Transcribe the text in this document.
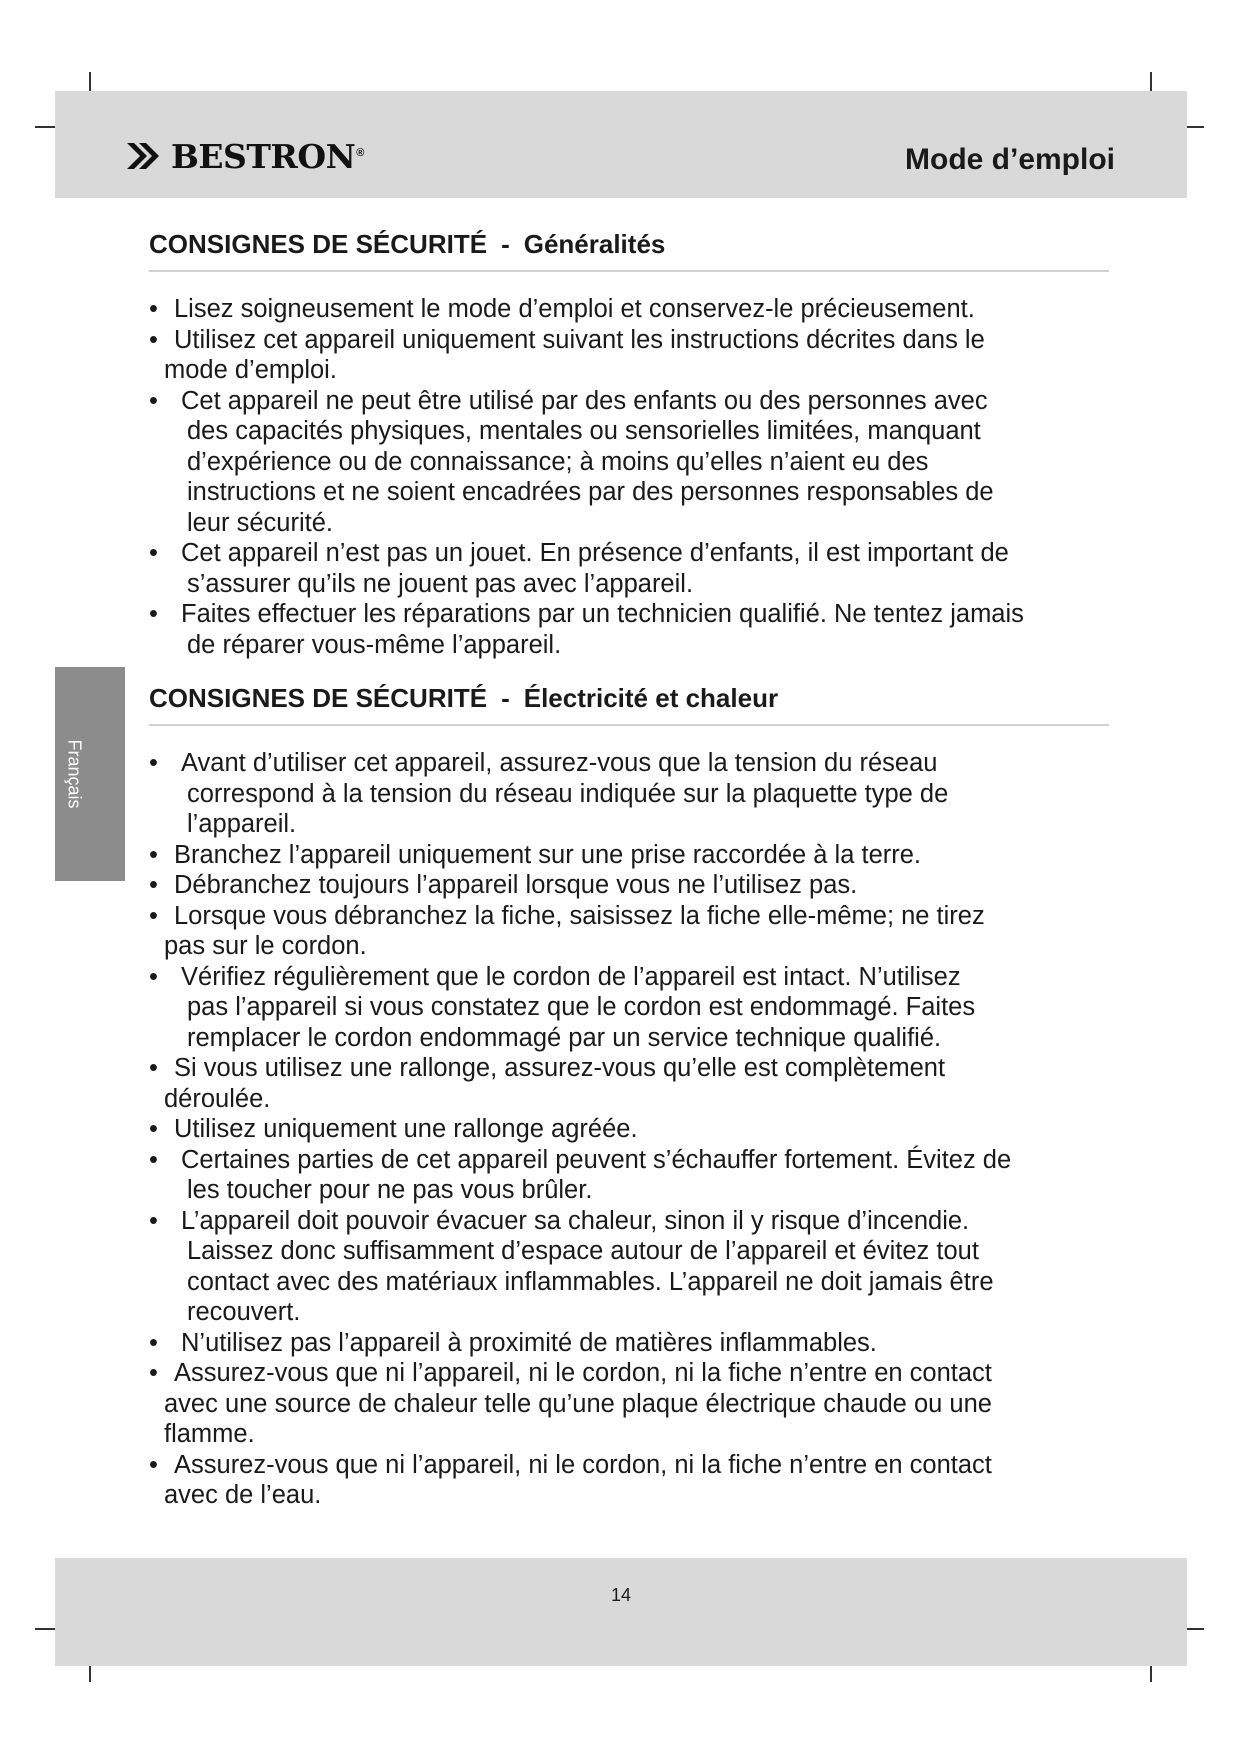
BESTRON®	Mode d’emploi
CONSIGNES DE SÉCURITÉ - Généralités
• Lisez soigneusement le mode d’emploi et conservez-le précieusement.
• Utilisez cet appareil uniquement suivant les instructions décrites dans le
mode d’emploi.
• Cet appareil ne peut être utilisé par des enfants ou des personnes avec
des capacités physiques, mentales ou sensorielles limitées, manquant
d’expérience ou de connaissance; à moins qu’elles n’aient eu des
instructions et ne soient encadrées par des personnes responsables de
leur sécurité.
• Cet appareil n’est pas un jouet. En présence d’enfants, il est important de
s’assurer qu’ils ne jouent pas avec l’appareil.
• Faites effectuer les réparations par un technicien qualifié. Ne tentez jamais
de réparer vous-même l’appareil.
CONSIGNES DE SÉCURITÉ - Électricité et chaleur
• Avant d’utiliser cet appareil, assurez-vous que la tension du réseau
correspond à la tension du réseau indiquée sur la plaquette type de
l’appareil.
• Branchez l’appareil uniquement sur une prise raccordée à la terre.
• Débranchez toujours l’appareil lorsque vous ne l’utilisez pas.
• Lorsque vous débranchez la fiche, saisissez la fiche elle-même; ne tirez
pas sur le cordon.
• Vérifiez régulièrement que le cordon de l’appareil est intact. N’utilisez
pas l’appareil si vous constatez que le cordon est endommagé. Faites
remplacer le cordon endommagé par un service technique qualifié.
• Si vous utilisez une rallonge, assurez-vous qu’elle est complètement
déroulée.
• Utilisez uniquement une rallonge agréée.
• Certaines parties de cet appareil peuvent s’échauffer fortement. Évitez de
les toucher pour ne pas vous brûler.
• L’appareil doit pouvoir évacuer sa chaleur, sinon il y risque d’incendie.
Laissez donc suffisamment d’espace autour de l’appareil et évitez tout
contact avec des matériaux inflammables. L’appareil ne doit jamais être
recouvert.
• N’utilisez pas l’appareil à proximité de matières inflammables.
• Assurez-vous que ni l’appareil, ni le cordon, ni la fiche n’entre en contact
avec une source de chaleur telle qu’une plaque électrique chaude ou une
flamme.
• Assurez-vous que ni l’appareil, ni le cordon, ni la fiche n’entre en contact
avec de l’eau.
Français
14
